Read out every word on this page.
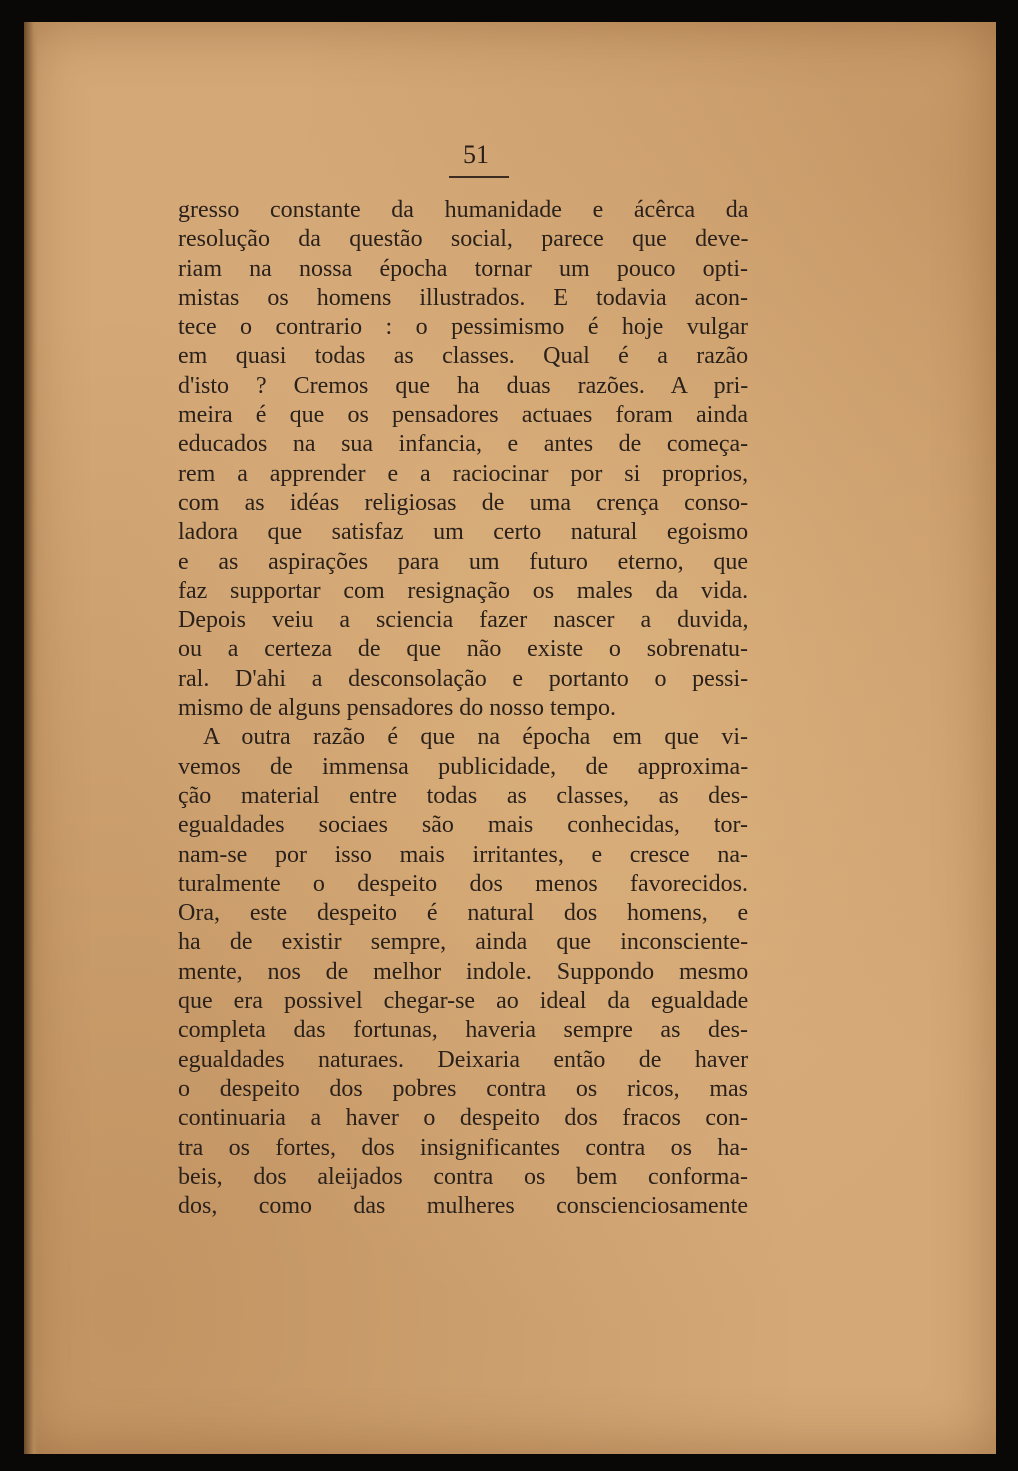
51
gresso constante da humanidade e ácêrca da
resolução da questão social, parece que deve-
riam na nossa épocha tornar um pouco opti-
mistas os homens illustrados. E todavia acon-
tece o contrario : o pessimismo é hoje vulgar
em quasi todas as classes. Qual é a razão
d'isto ? Cremos que ha duas razões. A pri-
meira é que os pensadores actuaes foram ainda
educados na sua infancia, e antes de começa-
rem a apprender e a raciocinar por si proprios,
com as idéas religiosas de uma crença conso-
ladora que satisfaz um certo natural egoismo
e as aspirações para um futuro eterno, que
faz supportar com resignação os males da vida.
Depois veiu a sciencia fazer nascer a duvida,
ou a certeza de que não existe o sobrenatu-
ral. D'ahi a desconsolação e portanto o pessi-
mismo de alguns pensadores do nosso tempo.
A outra razão é que na épocha em que vi-
vemos de immensa publicidade, de approxima-
ção material entre todas as classes, as des-
egualdades sociaes são mais conhecidas, tor-
nam-se por isso mais irritantes, e cresce na-
turalmente o despeito dos menos favorecidos.
Ora, este despeito é natural dos homens, e
ha de existir sempre, ainda que inconsciente-
mente, nos de melhor indole. Suppondo mesmo
que era possivel chegar-se ao ideal da egualdade
completa das fortunas, haveria sempre as des-
egualdades naturaes. Deixaria então de haver
o despeito dos pobres contra os ricos, mas
continuaria a haver o despeito dos fracos con-
tra os fortes, dos insignificantes contra os ha-
beis, dos aleijados contra os bem conforma-
dos, como das mulheres conscienciosamente
